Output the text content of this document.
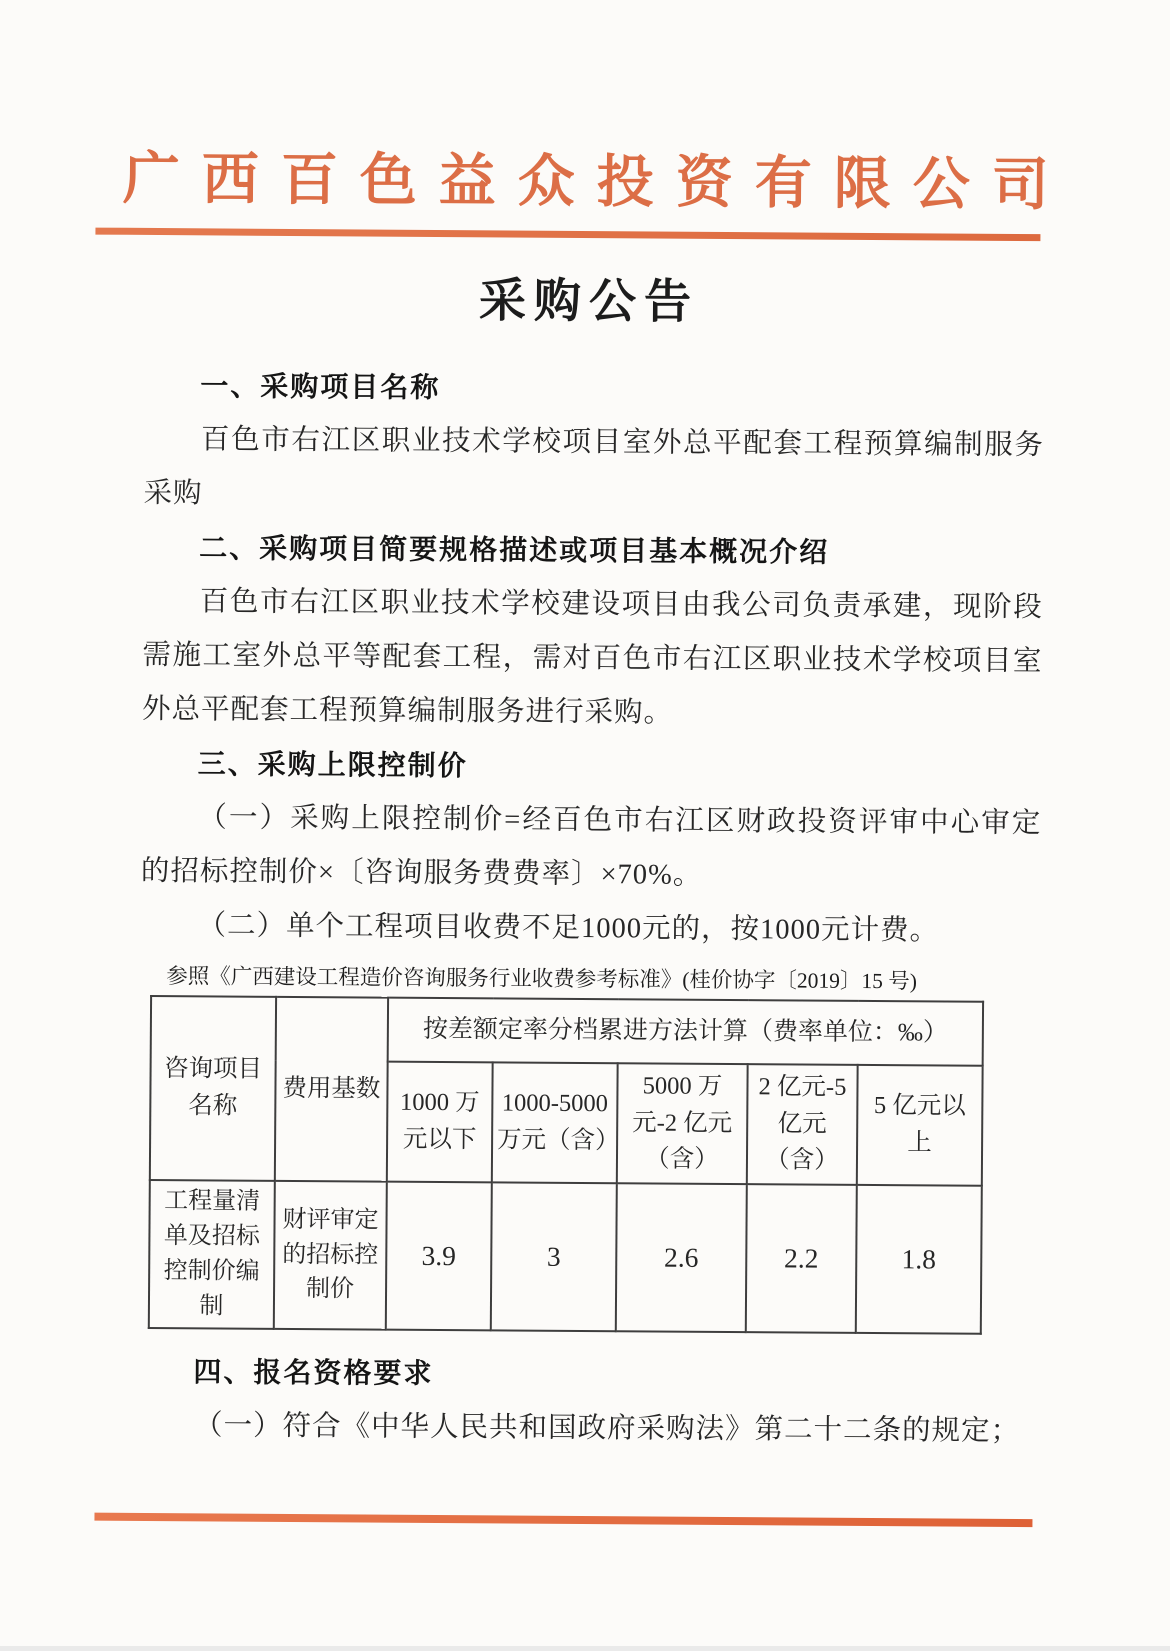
广西百色益众投资有限公司
采购公告
一、采购项目名称

百色市右江区职业技术学校项目室外总平配套工程预算编制服务采购

二、采购项目简要规格描述或项目基本概况介绍

百色市右江区职业技术学校建设项目由我公司负责承建，现阶段需施工室外总平等配套工程，需对百色市右江区职业技术学校项目室外总平配套工程预算编制服务进行采购。

三、采购上限控制价

（一）采购上限控制价=经百色市右江区财政投资评审中心审定的招标控制价×〔咨询服务费费率〕×70%。

（二）单个工程项目收费不足1000元的，按1000元计费。

参照《广西建设工程造价咨询服务行业收费参考标准》(桂价协字〔2019〕15 号)
咨询项目名称	费用基数	按差额定率分档累进方法计算（费率单位：‰）				
		1000 万元以下	1000-5000 万元（含）	5000 万元-2 亿元（含）	2 亿元-5 亿元（含）	5 亿元以上
工程量清单及招标控制价编制	财评审定的招标控制价	3.9	3	2.6	2.2	1.8
四、报名资格要求

（一）符合《中华人民共和国政府采购法》第二十二条的规定；
